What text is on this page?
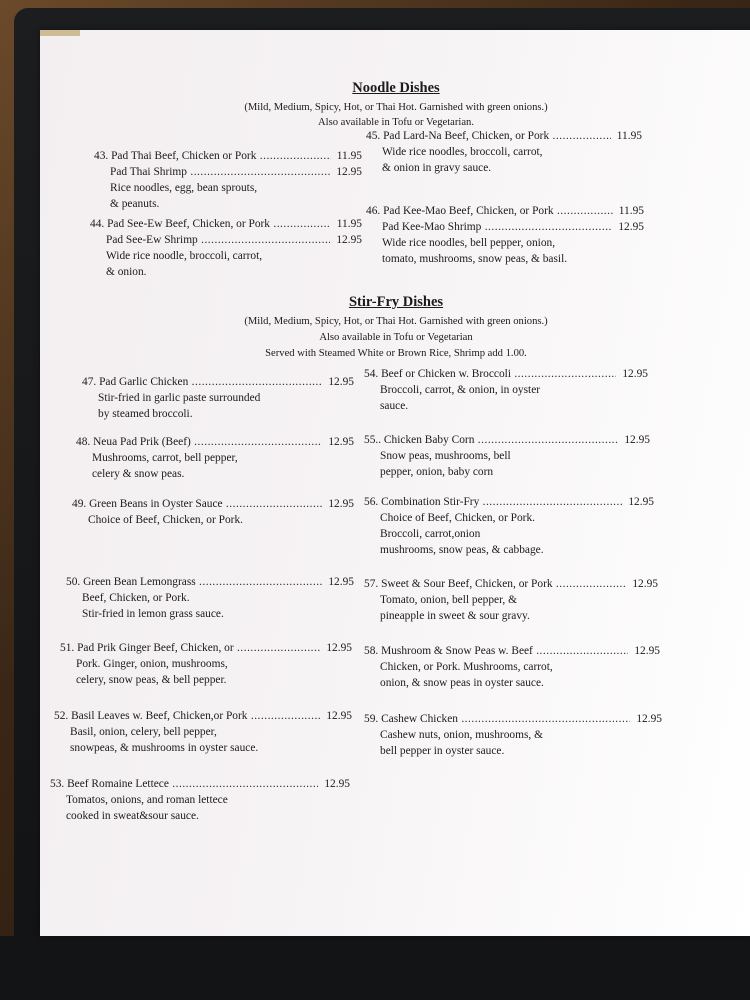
Noodle Dishes
(Mild, Medium, Spicy, Hot, or Thai Hot. Garnished with green onions.)
Also available in Tofu or Vegetarian.
Stir-Fry Dishes
(Mild, Medium, Spicy, Hot, or Thai Hot. Garnished with green onions.)
Also available in Tofu or Vegetarian
Served with Steamed White or Brown Rice, Shrimp add 1.00.
43. Pad Thai Beef, Chicken or Pork .....	11.95
Pad Thai Shrimp .....	12.95
Rice noodles, egg, bean sprouts,
& peanuts.
44. Pad See-Ew Beef, Chicken, or Pork .....	11.95
Pad See-Ew Shrimp .....	12.95
Wide rice noodle, broccoli, carrot,
& onion.
47. Pad Garlic Chicken .....	12.95
Stir-fried in garlic paste surrounded
by steamed broccoli.
48. Neua Pad Prik (Beef) .....	12.95
Mushrooms, carrot, bell pepper,
celery & snow peas.
49. Green Beans in Oyster Sauce .....	12.95
Choice of Beef, Chicken, or Pork.
50. Green Bean Lemongrass .....	12.95
Beef, Chicken, or Pork.
Stir-fried in lemon grass sauce.
51. Pad Prik Ginger Beef, Chicken, or .....	12.95
Pork. Ginger, onion, mushrooms,
celery, snow peas, & bell pepper.
52. Basil Leaves w. Beef, Chicken,or Pork .....	12.95
Basil, onion, celery, bell pepper,
snowpeas, & mushrooms in oyster sauce.
53. Beef Romaine Lettece .....	12.95
Tomatos, onions, and roman lettece
cooked in sweat&sour sauce.
45. Pad Lard-Na Beef, Chicken, or Pork .....	11.95
Wide rice noodles, broccoli, carrot,
& onion in gravy sauce.
46. Pad Kee-Mao Beef, Chicken, or Pork .....	11.95
Pad Kee-Mao Shrimp .....	12.95
Wide rice noodles, bell pepper, onion,
tomato, mushrooms, snow peas, & basil.
54. Beef or Chicken w. Broccoli .....	12.95
Broccoli, carrot, & onion, in oyster
sauce.
55.. Chicken Baby Corn .....	12.95
Snow peas, mushrooms, bell
pepper, onion, baby corn
56. Combination Stir-Fry .....	12.95
Choice of Beef, Chicken, or Pork.
Broccoli, carrot,onion
mushrooms, snow peas, & cabbage.
57. Sweet & Sour Beef, Chicken, or Pork .....	12.95
Tomato, onion, bell pepper, &
pineapple in sweet & sour gravy.
58. Mushroom & Snow Peas w. Beef .....	12.95
Chicken, or Pork. Mushrooms, carrot,
onion, & snow peas in oyster sauce.
59. Cashew Chicken .....	12.95
Cashew nuts, onion, mushrooms, &
bell pepper in oyster sauce.
